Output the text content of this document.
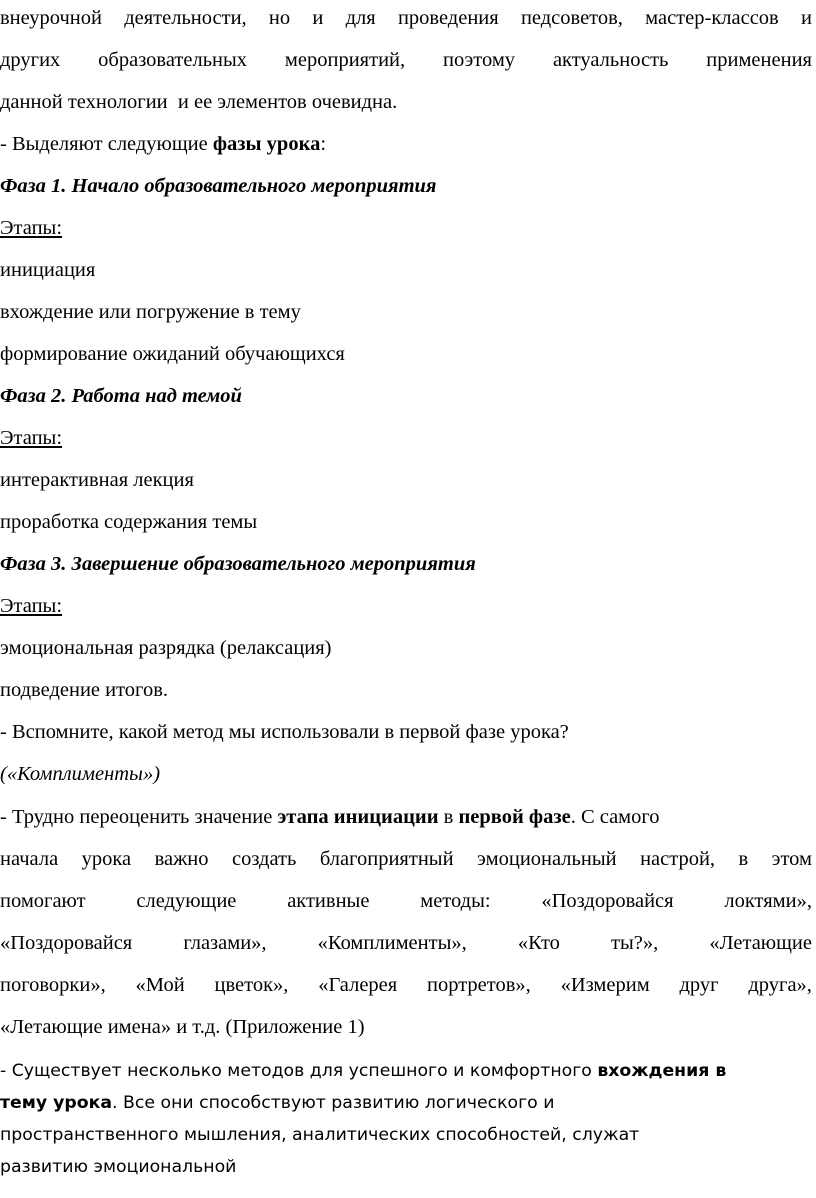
внеурочной деятельности, но и для проведения педсоветов, мастер-классов и
других образовательных мероприятий, поэтому актуальность применения
данной технологии  и ее элементов очевидна.
- Выделяют следующие фазы урока:
Фаза 1. Начало образовательного мероприятия
Этапы:
инициация
вхождение или погружение в тему
формирование ожиданий обучающихся
Фаза 2. Работа над темой
Этапы:
интерактивная лекция
проработка содержания темы
Фаза 3. Завершение образовательного мероприятия
Этапы:
эмоциональная разрядка (релаксация)
подведение итогов.
- Вспомните, какой метод мы использовали в первой фазе урока?
(«Комплименты»)
- Трудно переоценить значение этапа инициации в первой фазе. С самого
начала урока важно создать благоприятный эмоциональный настрой, в этом
помогают следующие активные методы: «Поздоровайся локтями»,
«Поздоровайся глазами», «Комплименты», «Кто ты?», «Летающие
поговорки», «Мой цветок», «Галерея портретов», «Измерим друг друга»,
«Летающие имена» и т.д. (Приложение 1)
- Существует несколько методов для успешного и комфортного вхождения в
тему урока. Все они способствуют развитию логического и
пространственного мышления, аналитических способностей, служат
развитию эмоциональной
